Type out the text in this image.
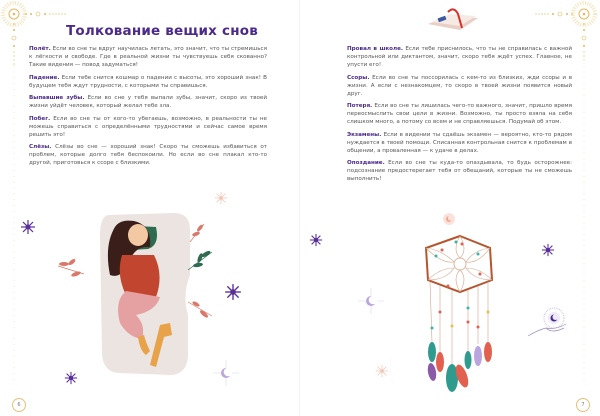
Толкование вещих снов

Полёт. Если во сне ты вдруг научилась летать, это значит, что ты стремишься к лёгкости и свободе. Где в реальной жизни ты чувствуешь себя скованно? Такие видения — повод задуматься!

Падение. Если тебе снится кошмар о падении с высоты, это хороший знак! В будущем тебя ждут трудности, с которыми ты справишься.

Выпавшие зубы. Если во сне у тебя выпали зубы, значит, скоро из твоей жизни уйдёт человек, который желал тебе зла.

Побег. Если во сне ты от кого-то убегаешь, возможно, в реальности ты не можешь справиться с определёнными трудностями и сейчас самое время решить это!

Слёзы. Слёзы во сне — хороший знак! Скоро ты сможешь избавиться от проблем, которые долго тебя беспокоили. Но если во сне плакал кто-то другой, приготовься к ссоре с близкими.

6

Провал в школе. Если тебе приснилось, что ты не справилась с важной контрольной или диктантом, значит, скоро тебя ждёт успех. Главное, не упусти его!

Ссоры. Если во сне ты поссорилась с кем-то из близких, жди ссоры и в жизни. А если с незнакомцем, то скоро в твоей жизни появится новый друг.

Потеря. Если во сне ты лишилась чего-то важного, значит, пришло время переосмыслить свои цели в жизни. Возможно, ты просто взяла на себя слишком много, а потому со всем и не справляешься. Подумай об этом.

Экзамены. Если в видении ты сдаёшь экзамен — вероятно, кто-то рядом нуждается в твоей помощи. Списанная контрольная снится к проблемам в общении, а проваленная — к удаче в делах.

Опоздание. Если во сне ты куда-то опаздывала, то будь осторожнее: подсознание предостерегает тебя от обещаний, которые ты не сможешь выполнить!

7
